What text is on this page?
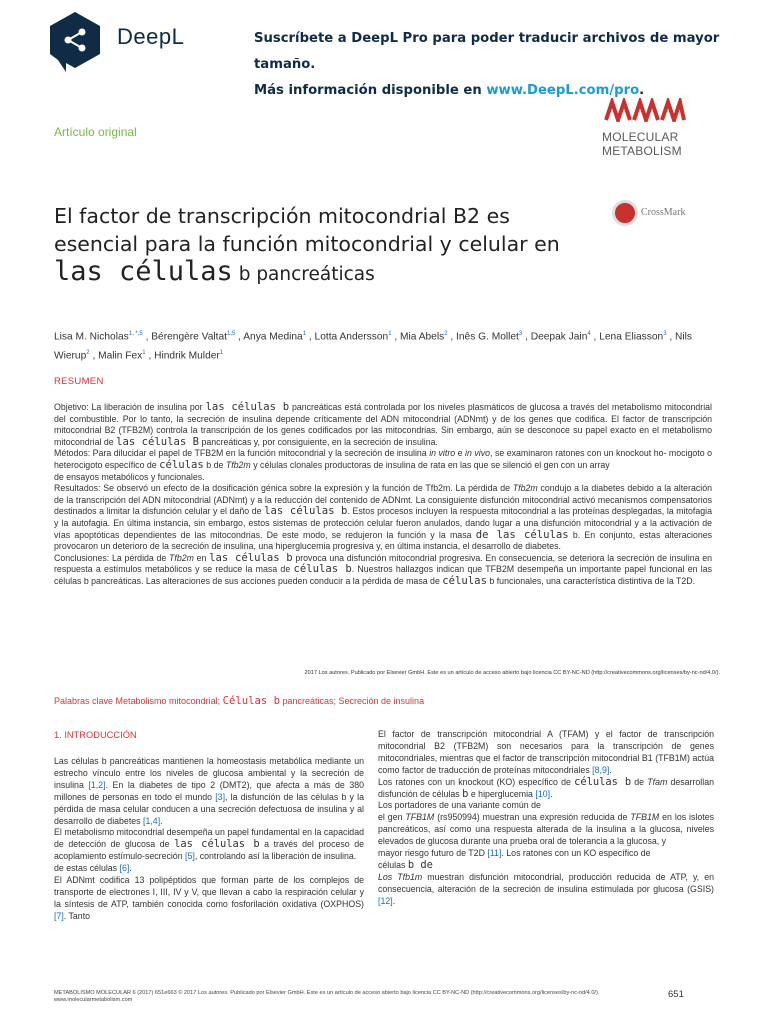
DeepL	Suscríbete a DeepL Pro para poder traducir archivos de mayor tamaño.
Más información disponible en www.DeepL.com/pro.
Artículo original	MOLECULAR
METABOLISM
El factor de transcripción mitocondrial B2 es
esencial para la función mitocondrial y celular en
las células b pancreáticas
CrossMark
Lisa M. Nicholas$^{1, *,5}$ , Bérengère Valtat$^{1,5}$ , Anya Medina$^1$ , Lotta Andersson$^1$ , Mia Abels$^2$ , Inês G. Mollet$^3$ , Deepak Jain$^4$ , Lena Eliasson$^3$ , Nils Wierup$^2$ , Malin Fex$^1$ , Hindrik Mulder$^1$
RESUMEN

Objetivo: La liberación de insulina por las células b pancreáticas está controlada por los niveles plasmáticos de glucosa a través del metabolismo mitocondrial del combustible. Por lo tanto, la secreción de insulina depende críticamente del ADN mitocondrial (ADNmt) y de los genes que codifica. El factor de transcripción mitocondrial B2 (TFB2M) controla la transcripción de los genes codificados por las mitocondrias. Sin embargo, aún se desconoce su papel exacto en el metabolismo mitocondrial de las células B pancreáticas y, por consiguiente, en la secreción de insulina.

Métodos: Para dilucidar el papel de TFB2M en la función mitocondrial y la secreción de insulina in vitro e in vivo, se examinaron ratones con un knockout ho- mocigoto o heterocigoto específico de células b de Tfb2m y células clonales productoras de insulina de rata en las que se silenció el gen con un array

de ensayos metabólicos y funcionales.

Resultados: Se observó un efecto de la dosificación génica sobre la expresión y la función de Tfb2m. La pérdida de Tfb2m condujo a la diabetes debido a la alteración de la transcripción del ADN mitocondrial (ADNmt) y a la reducción del contenido de ADNmt. La consiguiente disfunción mitocondrial activó mecanismos compensatorios destinados a limitar la disfunción celular y el daño de las células b. Estos procesos incluyen la respuesta mitocondrial a las proteínas desplegadas, la mitofagia y la autofagia. En última instancia, sin embargo, estos sistemas de protección celular fueron anulados, dando lugar a una disfunción mitocondrial y a la activación de vías apoptóticas dependientes de las mitocondrias. De este modo, se redujeron la función y la masa de las células b. En conjunto, estas alteraciones provocaron un deterioro de la secreción de insulina, una hiperglucemia progresiva y, en última instancia, el desarrollo de diabetes.

Conclusiones: La pérdida de Tfb2m en las células b provoca una disfunción mitocondrial progresiva. En consecuencia, se deteriora la secreción de insulina en respuesta a estímulos metabólicos y se reduce la masa de células b. Nuestros hallazgos indican que TFB2M desempeña un importante papel funcional en las células b pancreáticas. Las alteraciones de sus acciones pueden conducir a la pérdida de masa de células b funcionales, una característica distintiva de la T2D.

2017 Los autores. Publicado por Elsevier GmbH. Este es un artículo de acceso abierto bajo licencia CC BY-NC-ND (http://creativecommons.org/licenses/by-nc-nd/4.0/).
Palabras clave Metabolismo mitocondrial; Células b pancreáticas; Secreción de insulina
1. INTRODUCCIÓN

Las células b pancreáticas mantienen la homeostasis metabólica mediante un estrecho vínculo entre los niveles de glucosa ambiental y la secreción de insulina [1,2]. En la diabetes de tipo 2 (DMT2), que afecta a más de 380 millones de personas en todo el mundo [3], la disfunción de las células b y la pérdida de masa celular conducen a una secreción defectuosa de insulina y al desarrollo de diabetes [1,4].

El metabolismo mitocondrial desempeña un papel fundamental en la capacidad de detección de glucosa de las células b a través del proceso de acoplamiento estímulo-secreción [5], controlando así la liberación de insulina.

de estas células [6].

El ADNmt codifica 13 polipéptidos que forman parte de los complejos de transporte de electrones I, III, IV y V, que llevan a cabo la respiración celular y la síntesis de ATP, también conocida como fosforilación oxidativa (OXPHOS) [7]. Tanto

El factor de transcripción mitocondrial A (TFAM) y el factor de transcripción mitocondrial B2 (TFB2M) son necesarios para la transcripción de genes mitocondriales, mientras que el factor de transcripción mitocondrial B1 (TFB1M) actúa como factor de traducción de proteínas mitocondriales [8,9].

Los ratones con un knockout (KO) específico de células b de Tfam desarrollan disfunción de células b e hiperglucemia [10].

Los portadores de una variante común de

el gen TFB1M (rs950994) muestran una expresión reducida de TFB1M en los islotes pancreáticos, así como una respuesta alterada de la insulina a la glucosa, niveles elevados de glucosa durante una prueba oral de tolerancia a la glucosa, y

mayor riesgo futuro de T2D [11]. Los ratones con un KO específico de

células b de

Los Tfb1m muestran disfunción mitocondrial, producción reducida de ATP, y, en consecuencia, alteración de la secreción de insulina estimulada por glucosa (GSIS) [12].

METABOLISMO MOLECULAR 6 (2017) 651e663 © 2017 Los autores. Publicado por Elsevier GmbH. Este es un artículo de acceso abierto bajo licencia CC BY-NC-ND (http://creativecommons.org/licenses/by-nc-nd/4.0/). www.molecularmetabolism.com
651
